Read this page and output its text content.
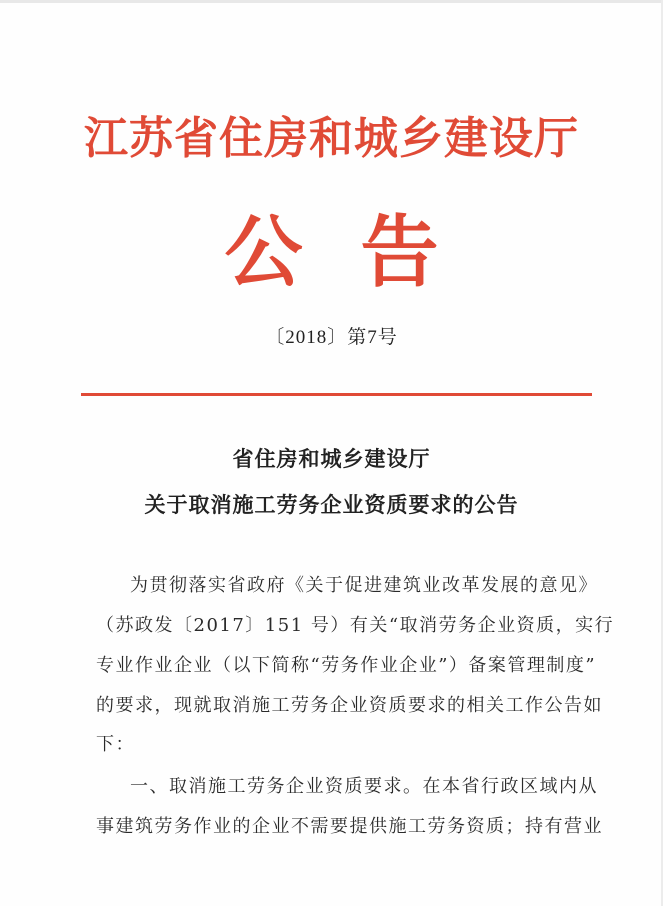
江苏省住房和城乡建设厅
公告
〔2018〕第7号
省住房和城乡建设厅
关于取消施工劳务企业资质要求的公告
为贯彻落实省政府《关于促进建筑业改革发展的意见》
（苏政发〔2017〕151 号）有关“取消劳务企业资质，实行
专业作业企业（以下简称“劳务作业企业”）备案管理制度”
的要求，现就取消施工劳务企业资质要求的相关工作公告如
下：
一、取消施工劳务企业资质要求。在本省行政区域内从
事建筑劳务作业的企业不需要提供施工劳务资质；持有营业
